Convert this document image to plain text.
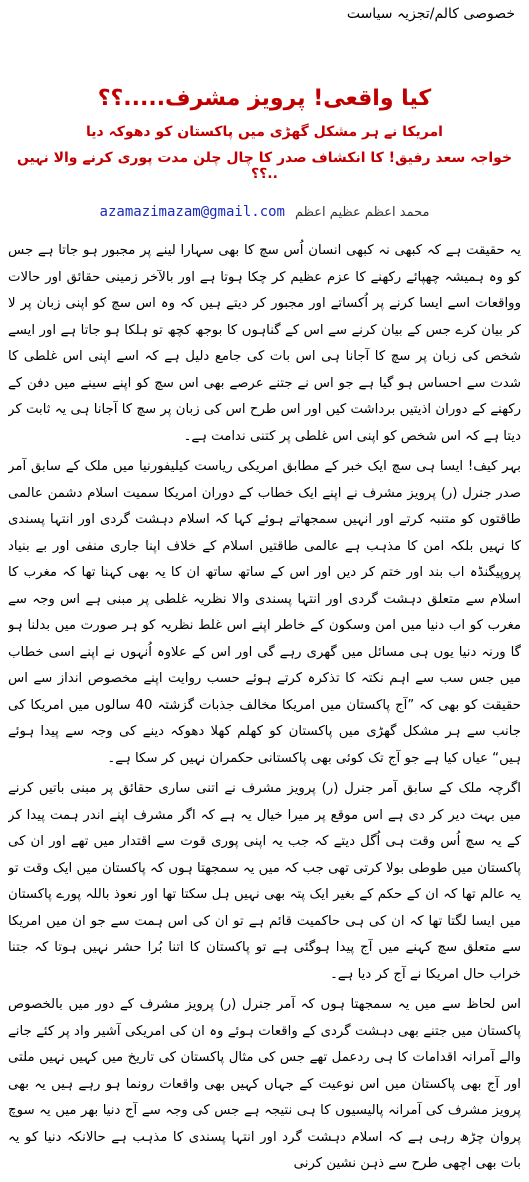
خصوصی کالم/تجزیہ سیاست
کیا واقعی! پرویز مشرف.....؟؟
امریکا نے ہر مشکل گھڑی میں پاکستان کو دھوکہ دیا
خواجہ سعد رفیق! کا انکشاف صدر کا چال چلن مدت پوری کرنے والا نہیں ..؟؟
azamazimazam@gmail.com محمد اعظم عظیم اعظم

یہ حقیقت ہے کہ کبھی نہ کبھی انسان اُس سچ کا بھی سہارا لینے پر مجبور ہو جاتا ہے جس کو وہ ہمیشہ چھپائے رکھنے کا عزم عظیم کر چکا ہوتا ہے اور بالآخر زمینی حقائق اور حالات وواقعات اسے ایسا کرنے پر اُکساتے اور مجبور کر دیتے ہیں کہ وہ اس سچ کو اپنی زبان پر لا کر بیان کرے جس کے بیان کرنے سے اس کے گناہوں کا بوجھ کچھ تو ہلکا ہو جاتا ہے اور ایسے شخص کی زبان پر سچ کا آجانا ہی اس بات کی جامع دلیل ہے کہ اسے اپنی اس غلطی کا شدت سے احساس ہو گیا ہے جو اس نے جتنے عرصے بھی اس سچ کو اپنے سینے میں دفن کے رکھنے کے دوران اذیتیں برداشت کیں اور اس طرح اس کی زبان پر سچ کا آجانا ہی یہ ثابت کر دیتا ہے کہ اس شخص کو اپنی اس غلطی پر کتنی ندامت ہے۔

بہر کیف! ایسا ہی سچ ایک خبر کے مطابق امریکی ریاست کیلیفورنیا میں ملک کے سابق آمر صدر جنرل (ر) پرویز مشرف نے اپنے ایک خطاب کے دوران امریکا سمیت اسلام دشمن عالمی طاقتوں کو متنبہ کرتے اور انہیں سمجھاتے ہوئے کہا کہ اسلام دہشت گردی اور انتہا پسندی کا نہیں بلکہ امن کا مذہب ہے عالمی طاقتیں اسلام کے خلاف اپنا جاری منفی اور بے بنیاد پروپیگنڈہ اب بند اور ختم کر دیں اور اس کے ساتھ ساتھ ان کا یہ بھی کہنا تھا کہ مغرب کا اسلام سے متعلق دہشت گردی اور انتہا پسندی والا نظریہ غلطی پر مبنی ہے اس وجہ سے مغرب کو اب دنیا میں امن وسکون کے خاطر اپنے اس غلط نظریہ کو ہر صورت میں بدلنا ہو گا ورنہ دنیا یوں ہی مسائل میں گھری رہے گی اور اس کے علاوہ اُنہوں نے اپنے اسی خطاب میں جس سب سے اہم نکتہ کا تذکرہ کرتے ہوئے حسب روایت اپنے مخصوص انداز سے اس حقیقت کو بھی کہ ”آج پاکستان میں امریکا مخالف جذبات گزشتہ 40 سالوں میں امریکا کی جانب سے ہر مشکل گھڑی میں پاکستان کو کھلم کھلا دھوکہ دینے کی وجہ سے پیدا ہوئے ہیں“ عیاں کیا ہے جو آج تک کوئی بھی پاکستانی حکمران نہیں کر سکا ہے۔

اگرچہ ملک کے سابق آمر جنرل (ر) پرویز مشرف نے اتنی ساری حقائق پر مبنی باتیں کرنے میں بہت دیر کر دی ہے اس موقع پر میرا خیال یہ ہے کہ اگر مشرف اپنے اندر ہمت پیدا کر کے یہ سچ اُس وقت ہی اُگل دیتے کہ جب یہ اپنی پوری قوت سے اقتدار میں تھے اور ان کی پاکستان میں طوطی بولا کرتی تھی جب کہ میں یہ سمجھتا ہوں کہ پاکستان میں ایک وقت تو یہ عالم تھا کہ ان کے حکم کے بغیر ایک پتہ بھی نہیں ہل سکتا تھا اور نعوذ باللہ پورے پاکستان میں ایسا لگتا تھا کہ ان کی ہی حاکمیت قائم ہے تو ان کی اس ہمت سے جو ان میں امریکا سے متعلق سچ کہنے میں آج پیدا ہوگئی ہے تو پاکستان کا اتنا بُرا حشر نہیں ہوتا کہ جتنا خراب حال امریکا نے آج کر دیا ہے۔

اس لحاظ سے میں یہ سمجھتا ہوں کہ آمر جنرل (ر) پرویز مشرف کے دور میں بالخصوص پاکستان میں جتنے بھی دہشت گردی کے واقعات ہوئے وہ ان کی امریکی آشیر واد پر کئے جانے والے آمرانہ اقدامات کا ہی ردعمل تھے جس کی مثال پاکستان کی تاریخ میں کہیں نہیں ملتی اور آج بھی پاکستان میں اس نوعیت کے جہاں کہیں بھی واقعات رونما ہو رہے ہیں یہ بھی پرویز مشرف کی آمرانہ پالیسیوں کا ہی نتیجہ ہے جس کی وجہ سے آج دنیا بھر میں یہ سوچ پروان چڑھ رہی ہے کہ اسلام دہشت گرد اور انتہا پسندی کا مذہب ہے حالانکہ دنیا کو یہ بات بھی اچھی طرح سے ذہن نشین کرنی
